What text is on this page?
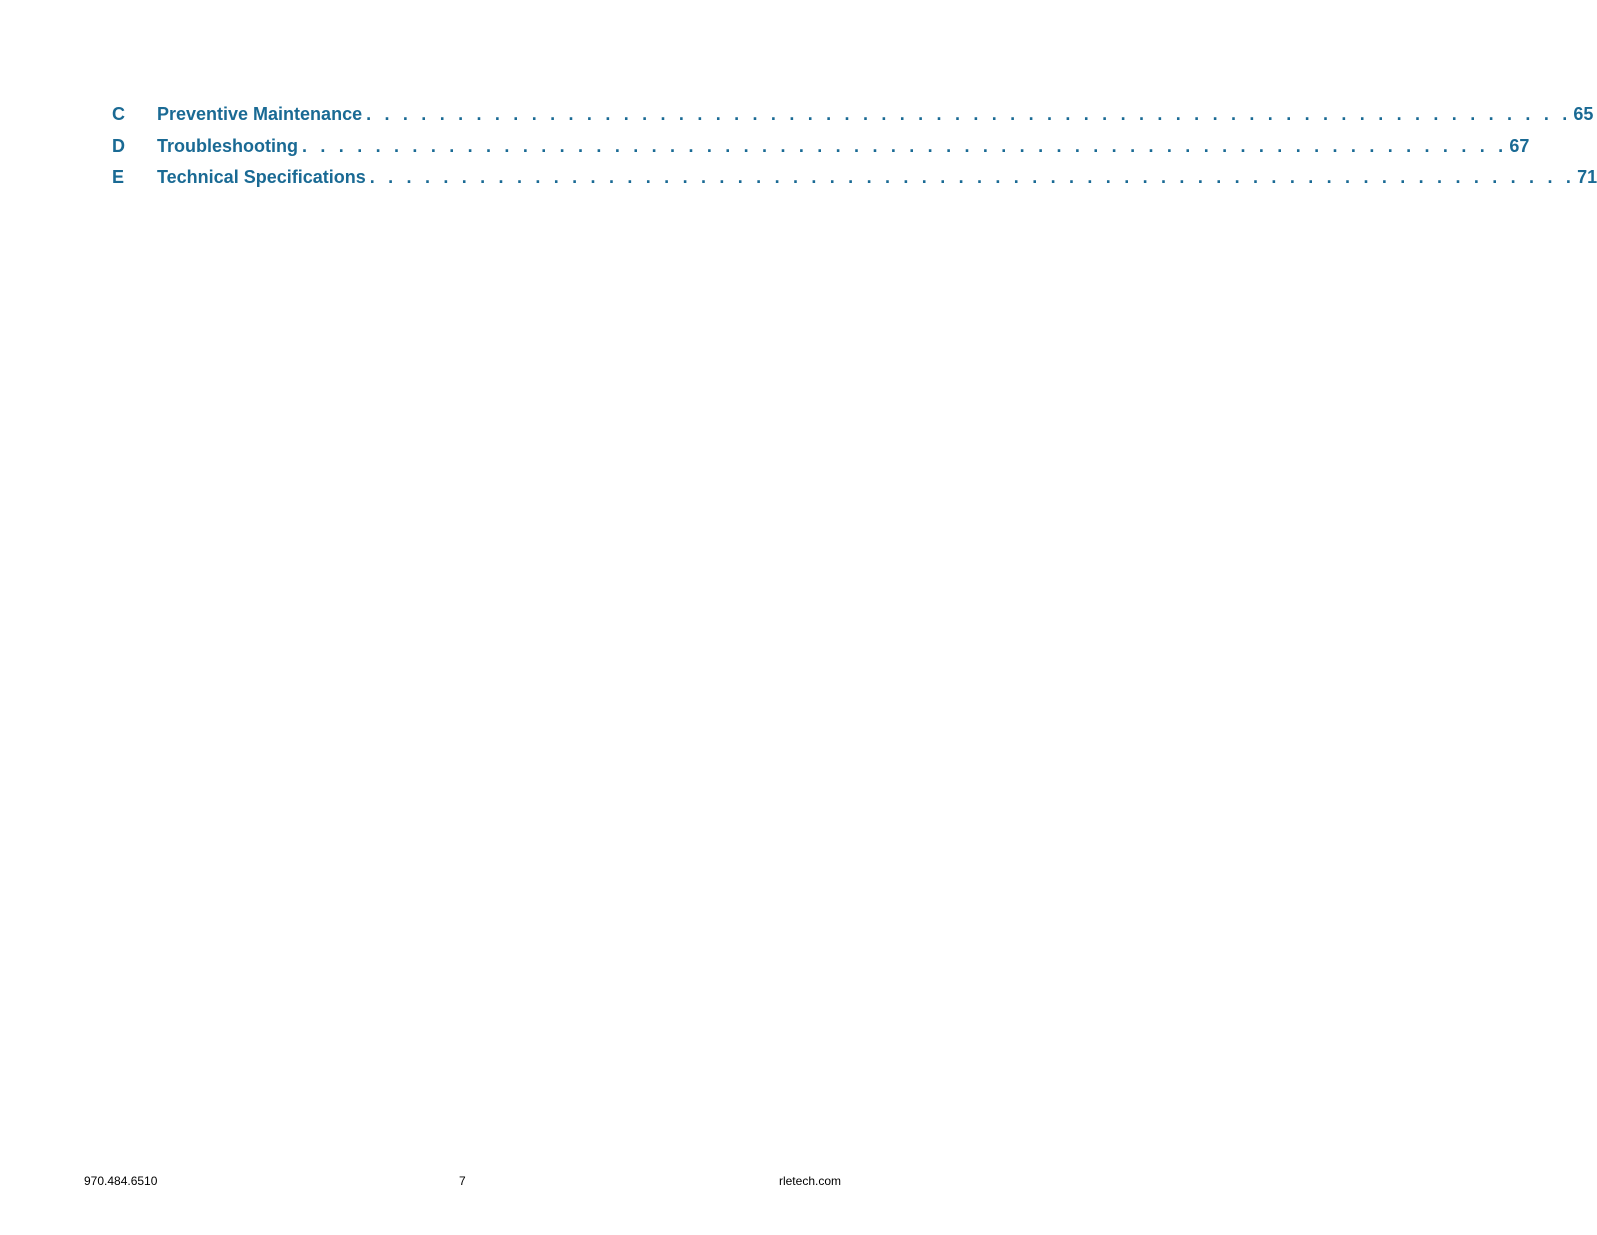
C	Preventive Maintenance . . . . . . . . . . . . . . . . . . . . . . . . . . . . . . . . . . . . . . . . . . . . . . . . . . . . . . . . . . . . . . . . . . 65
D	Troubleshooting . . . . . . . . . . . . . . . . . . . . . . . . . . . . . . . . . . . . . . . . . . . . . . . . . . . . . . . . . . . . . . . . . . 67
E	Technical Specifications . . . . . . . . . . . . . . . . . . . . . . . . . . . . . . . . . . . . . . . . . . . . . . . . . . . . . . . . . . . . . . . . . . 71
970.484.6510	7	rletech.com
